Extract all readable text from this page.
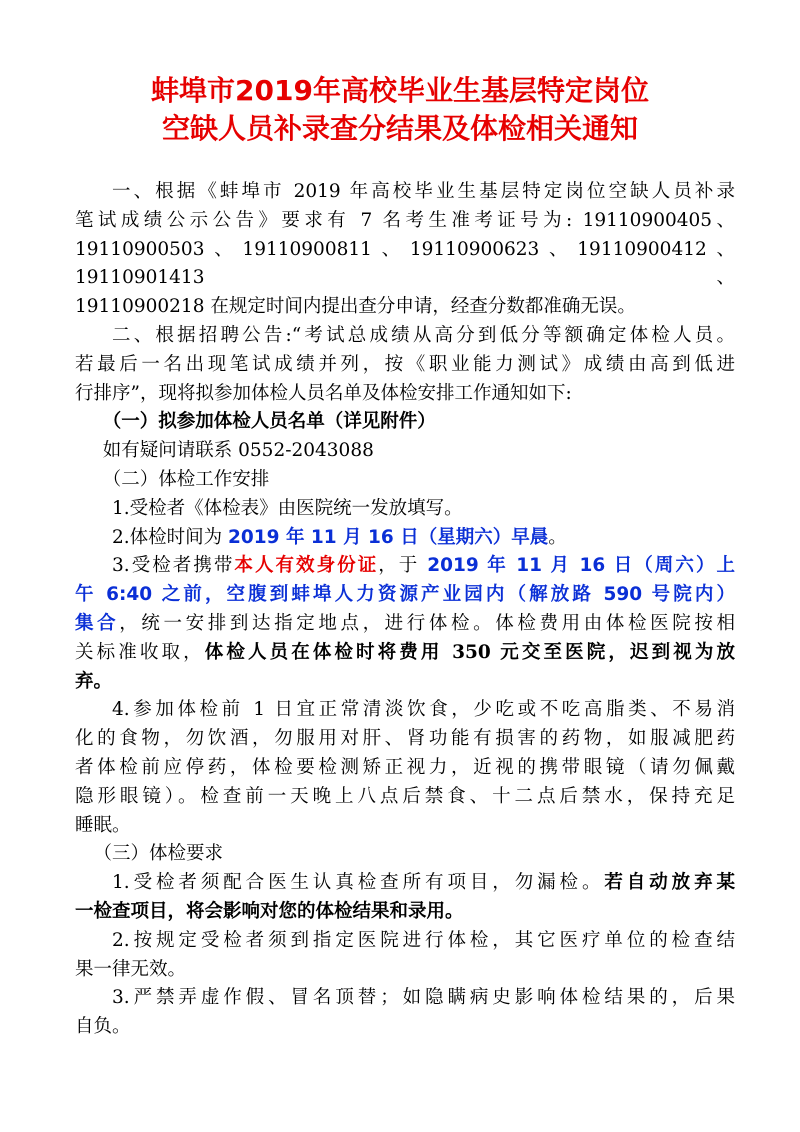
蚌埠市2019年高校毕业生基层特定岗位
空缺人员补录查分结果及体检相关通知

一、根据《蚌埠市 2019 年高校毕业生基层特定岗位空缺人员补录

笔试成绩公示公告》要求有 7 名考生准考证号为: 19110900405、

19110900503、19110900811、19110900623、19110900412、19110901413、

19110900218 在规定时间内提出查分申请，经查分数都准确无误。

二、根据招聘公告:“考试总成绩从高分到低分等额确定体检人员。

若最后一名出现笔试成绩并列，按《职业能力测试》成绩由高到低进

行排序”，现将拟参加体检人员名单及体检安排工作通知如下:

（一）拟参加体检人员名单（详见附件）

如有疑问请联系 0552-2043088

（二）体检工作安排

1.受检者《体检表》由医院统一发放填写。

2.体检时间为 2019 年 11 月 16 日（星期六）早晨。

3.受检者携带本人有效身份证，于 2019 年 11 月 16 日（周六）上

午 6:40 之前，空腹到蚌埠人力资源产业园内（解放路 590 号院内）

集合，统一安排到达指定地点，进行体检。体检费用由体检医院按相

关标准收取，体检人员在体检时将费用 350 元交至医院，迟到视为放

弃。

4.参加体检前 1 日宜正常清淡饮食，少吃或不吃高脂类、不易消

化的食物，勿饮酒，勿服用对肝、肾功能有损害的药物，如服减肥药

者体检前应停药，体检要检测矫正视力，近视的携带眼镜（请勿佩戴

隐形眼镜）。检查前一天晚上八点后禁食、十二点后禁水，保持充足

睡眠。

（三）体检要求

1.受检者须配合医生认真检查所有项目，勿漏检。若自动放弃某

一检查项目，将会影响对您的体检结果和录用。

2.按规定受检者须到指定医院进行体检，其它医疗单位的检查结

果一律无效。

3.严禁弄虚作假、冒名顶替；如隐瞒病史影响体检结果的，后果

自负。
